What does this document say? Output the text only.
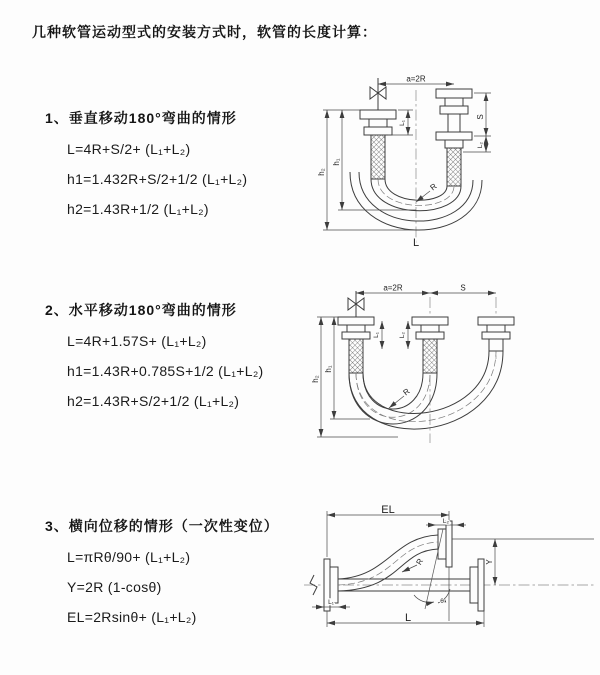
几种软管运动型式的安装方式时，软管的长度计算：
1、垂直移动180°弯曲的情形
L=4R+S/2+ (L₁+L₂)
h1=1.432R+S/2+1/2 (L₁+L₂)
h2=1.43R+1/2 (L₁+L₂)
a=2R
S
L₂
L₁
h₁
h₂
R
L
2、水平移动180°弯曲的情形
L=4R+1.57S+ (L₁+L₂)
h1=1.43R+0.785S+1/2 (L₁+L₂)
h2=1.43R+S/2+1/2 (L₁+L₂)
a=2R	S
L₁	L₂
h₁
h₂
R
3、横向位移的情形（一次性变位）
L=πRθ/90+ (L₁+L₂)
Y=2R (1-cosθ)
EL=2Rsinθ+ (L₁+L₂)
θ
EL
L₂
Y
L₁
L
R
